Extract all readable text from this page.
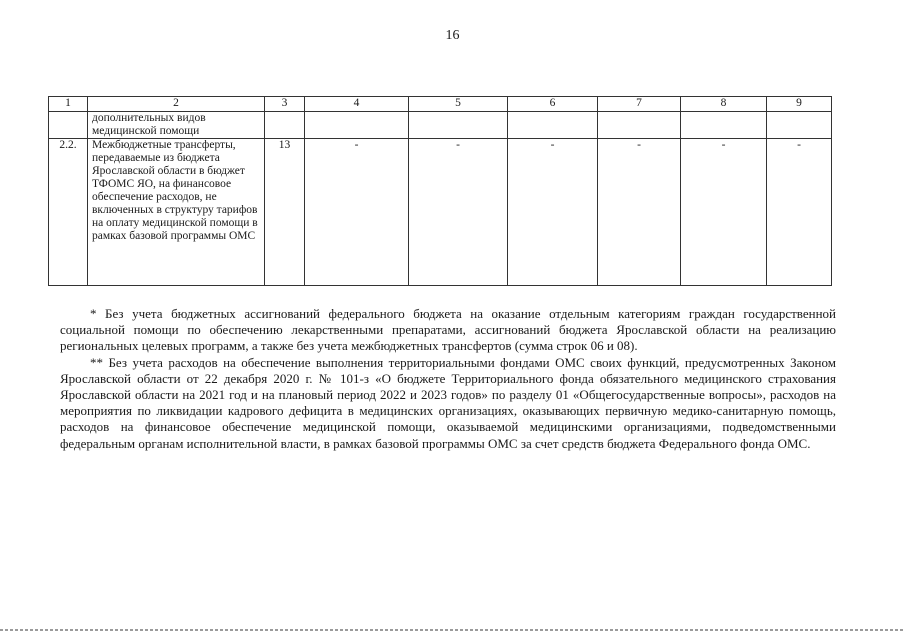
16
1	2	3	4	5	6	7	8	9
	дополнительных видов медицинской помощи							
2.2.	Межбюджетные трансферты, передаваемые из бюджета Ярославской области в бюджет ТФОМС ЯО, на финансовое обеспечение расходов, не включенных в структуру тарифов на оплату медицинской помощи в рамках базовой программы ОМС	13	-	-	-	-	-	-

* Без учета бюджетных ассигнований федерального бюджета на оказание отдельным категориям граждан государственной социальной помощи по обеспечению лекарственными препаратами, ассигнований бюджета Ярославской области на реализацию региональных целевых программ, а также без учета межбюджетных трансфертов (сумма строк 06 и 08).

** Без учета расходов на обеспечение выполнения территориальными фондами ОМС своих функций, предусмотренных Законом Ярославской области от 22 декабря 2020 г. № 101-з «О бюджете Территориального фонда обязательного медицинского страхования Ярославской области на 2021 год и на плановый период 2022 и 2023 годов» по разделу 01 «Общегосударственные вопросы», расходов на мероприятия по ликвидации кадрового дефицита в медицинских организациях, оказывающих первичную медико-санитарную помощь, расходов на финансовое обеспечение медицинской помощи, оказываемой медицинскими организациями, подведомственными федеральным органам исполнительной власти, в рамках базовой программы ОМС за счет средств бюджета Федерального фонда ОМС.
